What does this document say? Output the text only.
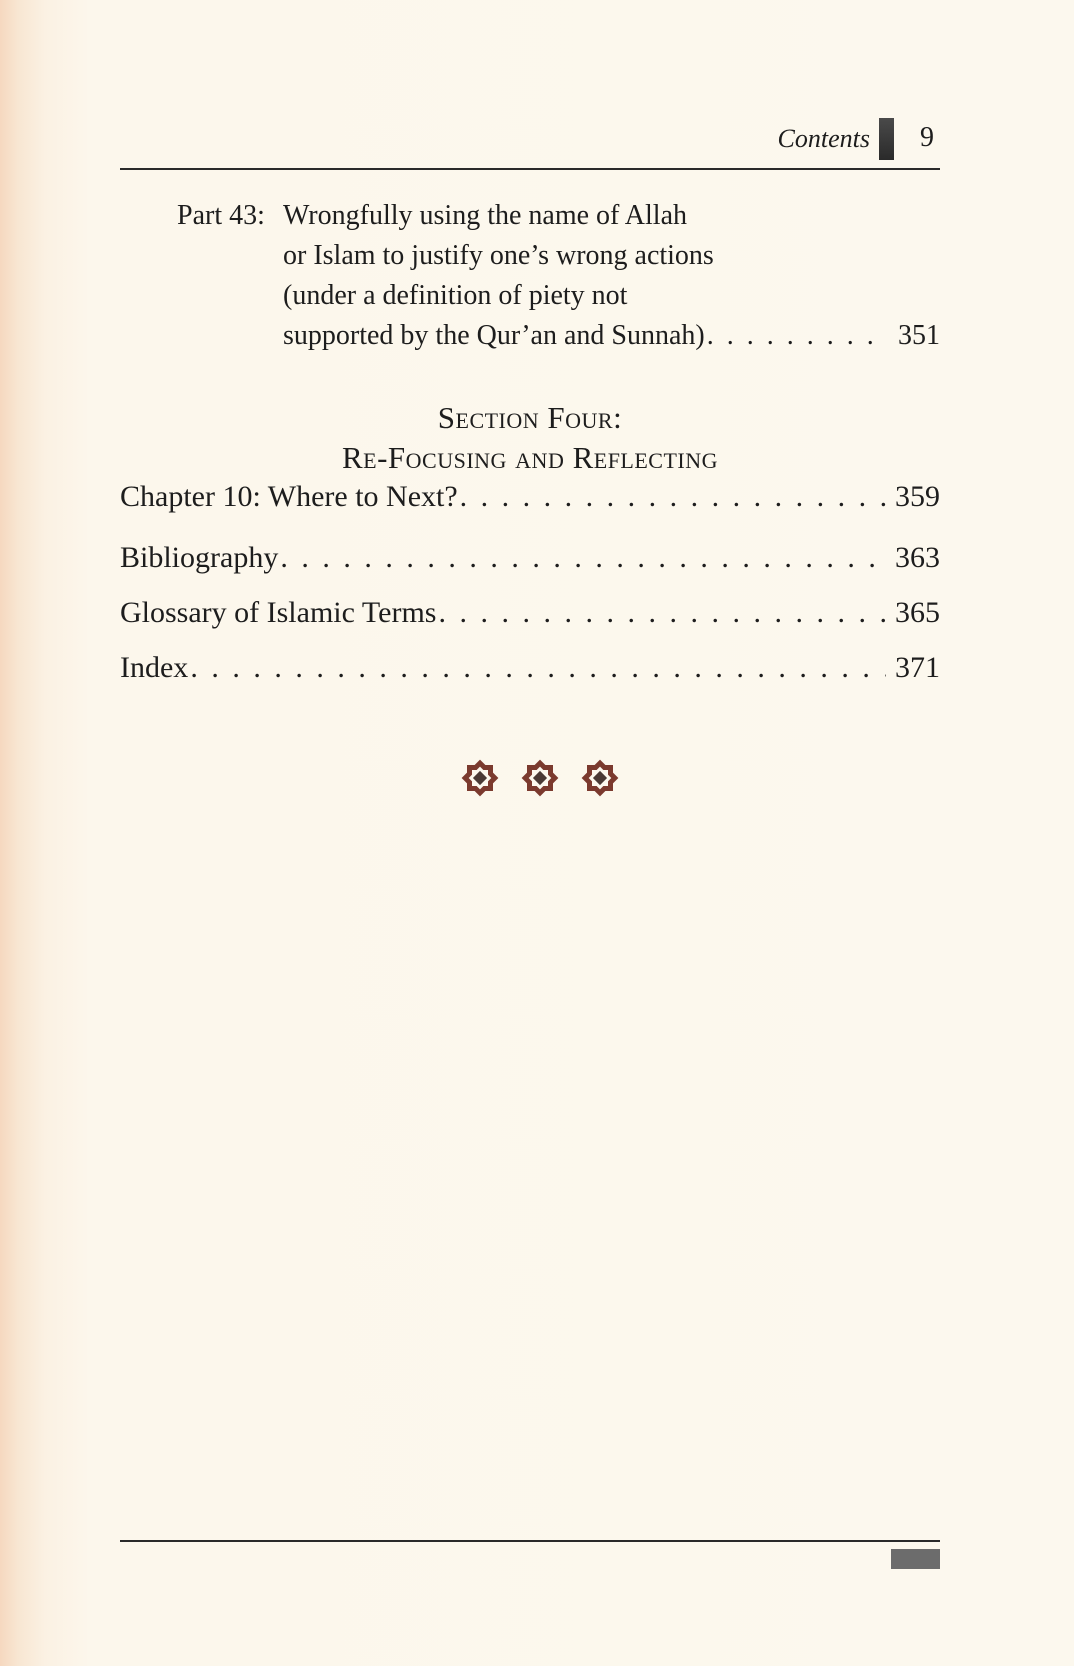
Contents 9
Part 43: Wrongfully using the name of Allah
or Islam to justify one’s wrong actions
(under a definition of piety not
supported by the Qur’an and Sunnah) . . .	351
Section Four:
Re-Focusing and Reflecting
Chapter 10: Where to Next? . . .	359
Bibliography . . .	363
Glossary of Islamic Terms . . .	365
Index . . .	371
